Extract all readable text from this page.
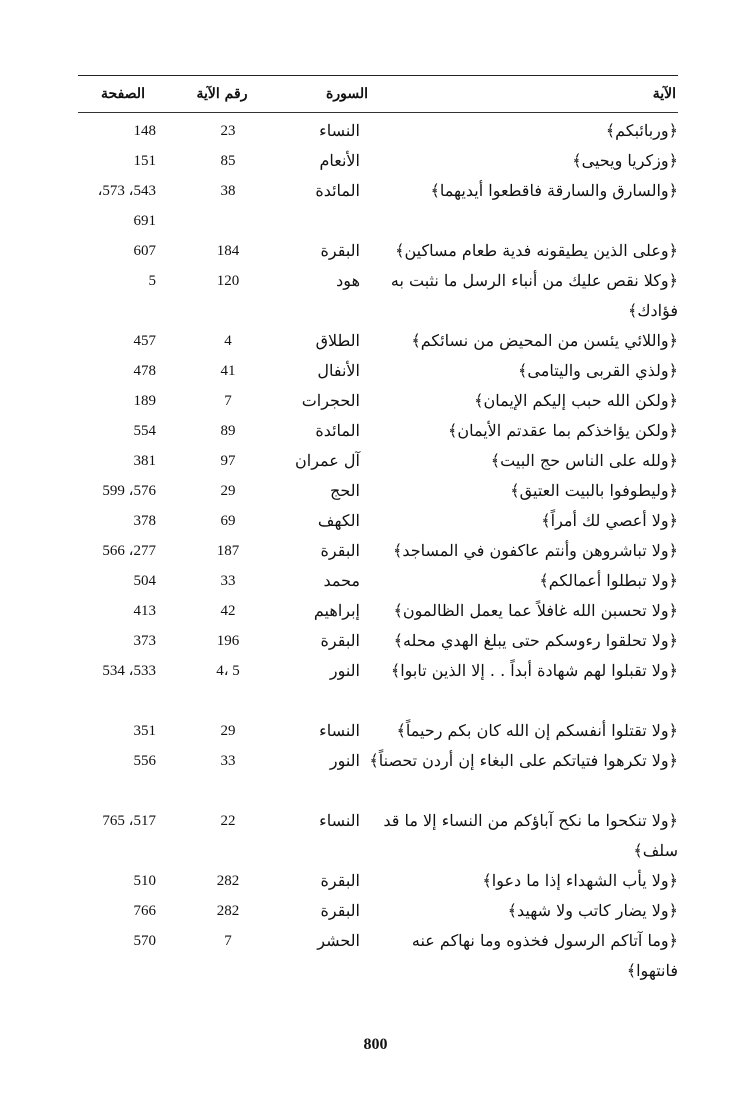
الآية
السورة
رقم الآية
الصفحة
﴿وربائبكم﴾
النساء
23
148
﴿وزكريا ويحيى﴾
الأنعام
85
151
﴿والسارق والسارقة فاقطعوا أيديهما﴾
المائدة
38
543، 573، 691
﴿وعلى الذين يطيقونه فدية طعام مساكين﴾
البقرة
184
607
﴿وكلا نقص عليك من أنباء الرسل ما نثبت به فؤادك﴾
هود
120
5
﴿واللائي يئسن من المحيض من نسائكم﴾
الطلاق
4
457
﴿ولذي القربى واليتامى﴾
الأنفال
41
478
﴿ولكن الله حبب إليكم الإيمان﴾
الحجرات
7
189
﴿ولكن يؤاخذكم بما عقدتم الأيمان﴾
المائدة
89
554
﴿ولله على الناس حج البيت﴾
آل عمران
97
381
﴿وليطوفوا بالبيت العتيق﴾
الحج
29
576، 599
﴿ولا أعصي لك أمراً﴾
الكهف
69
378
﴿ولا تباشروهن وأنتم عاكفون في المساجد﴾
البقرة
187
277، 566
﴿ولا تبطلوا أعمالكم﴾
محمد
33
504
﴿ولا تحسبن الله غافلاً عما يعمل الظالمون﴾
إبراهيم
42
413
﴿ولا تحلقوا رءوسكم حتى يبلغ الهدي محله﴾
البقرة
196
373
﴿ولا تقبلوا لهم شهادة أبداً . . إلا الذين تابوا﴾
النور
4، 5
533، 534
﴿ولا تقتلوا أنفسكم إن الله كان بكم رحيماً﴾
النساء
29
351
﴿ولا تكرهوا فتياتكم على البغاء إن أردن تحصناً﴾
النور
33
556
﴿ولا تنكحوا ما نكح آباؤكم من النساء إلا ما قد سلف﴾
النساء
22
517، 765
﴿ولا يأب الشهداء إذا ما دعوا﴾
البقرة
282
510
﴿ولا يضار كاتب ولا شهيد﴾
البقرة
282
766
﴿وما آتاكم الرسول فخذوه وما نهاكم عنه فانتهوا﴾
الحشر
7
570
800
